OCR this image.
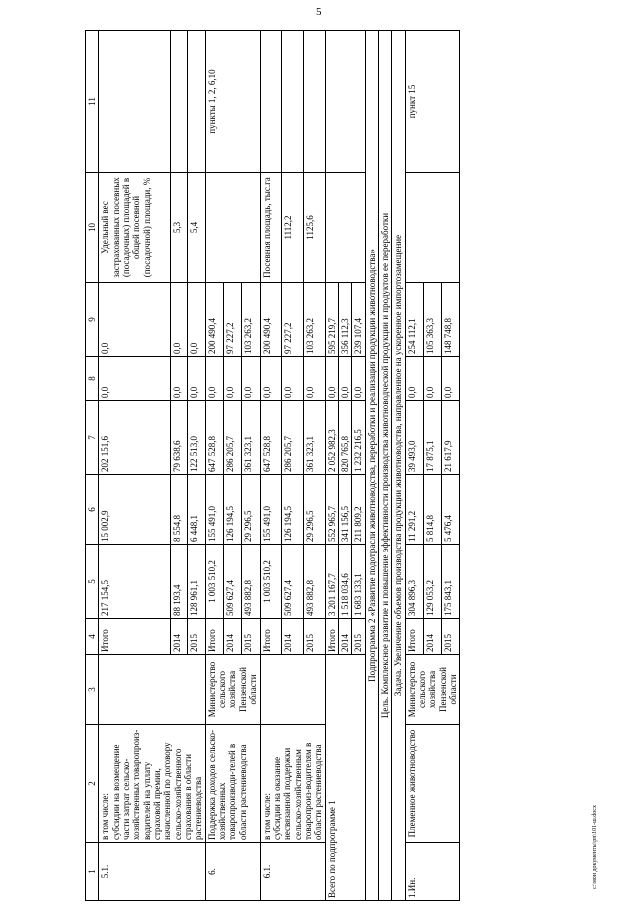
5
1	2	3	4	5	6	7	8	9	10	11
5.1.	в том числе: субсидии на возмещение части затрат сельско-хозяйственных товаропроиз-водителей на уплату страховой премии, начисленной по договору сельско-хозяйственного страхования в области растениеводства		Итого	217 154,5	15 002,9	202 151,6	0,0	0,0	Удельный вес застрахованных посевных (посадочных) площадей в общей посевной (посадочной) площади, %	
			2014	88 193,4	8 554,8	79 638,6	0,0	0,0	5,3	
			2015	128 961,1	6 448,1	122 513,0	0,0	0,0	5,4	
6.	Поддержка доходов сельско-хозяйственных товаропроизводи-телей в области растениеводства	Министерство сельского хозяйства Пензенской области	Итого	1 003 510,2	155 491,0	647 528,8	0,0	200 490,4		пункты 1, 2, 6,10
			2014	509 627,4	126 194,5	286 205,7	0,0	97 227,2		
			2015	493 882,8	29 296,5	361 323,1	0,0	103 263,2		
6.1.	в том числе: субсидии на оказание несвязанной поддержки сельско-хозяйственным товаропроиз-водителям в области растениеводства		Итого	1 003 510,2	155 491,0	647 528,8	0,0	200 490,4	Посевная площадь, тыс.га	
			2014	509 627,4	126 194,5	286 205,7	0,0	97 227,2	1112,2	
			2015	493 882,8	29 296,5	361 323,1	0,0	103 263,2	1125,6	
Всего по подпрограмме 1			Итого	3 201 167,7	552 965,7	2 052 982,3	0,0	595 219,7		
			2014	1 518 034,6	341 156,5	820 765,8	0,0	356 112,3		
			2015	1 683 133,1	211 809,2	1 232 216,5	0,0	239 107,4		
Подпрограмма 2 «Развитие подотрасли животноводства, переработки и реализации продукции животноводства»										
Цель. Комплексное развитие и повышение эффективности производства животноводческой продукции и продуктов ее переработки										
Задача. Увеличение объемов производства продукции животноводства, направленное на ускоренное импортозамещение										
1.Ин.	Племенное животноводство	Министерство сельского хозяйства Пензенской области	Итого	304 896,3	11 291,2	39 493,0	0,0	254 112,1		пункт 15
			2014	129 053,2	5 814,8	17 875,1	0,0	105 363,3		
			2015	175 843,1	5 476,4	21 617,9	0,0	148 748,8		
c:\мои документы\рп\101-ш.docx
